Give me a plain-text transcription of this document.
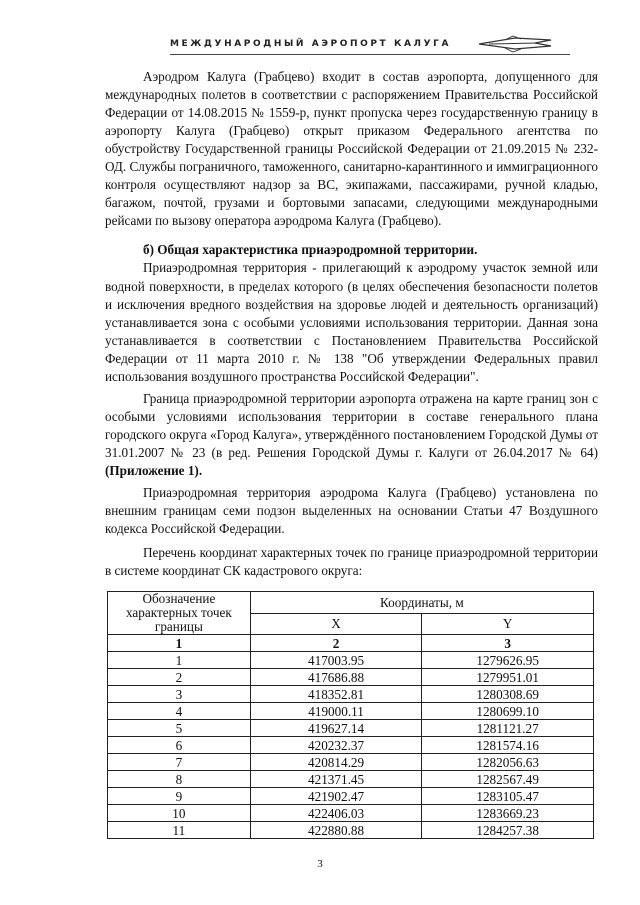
МЕЖДУНАРОДНЫЙ АЭРОПОРТ КАЛУГА

Аэродром Калуга (Грабцево) входит в состав аэропорта, допущенного для международных полетов в соответствии с распоряжением Правительства Российской Федерации от 14.08.2015 № 1559-р, пункт пропуска через государственную границу в аэропорту Калуга (Грабцево) открыт приказом Федерального агентства по обустройству Государственной границы Российской Федерации от 21.09.2015 № 232-ОД. Службы пограничного, таможенного, санитарно-карантинного и иммиграционного контроля осуществляют надзор за ВС, экипажами, пассажирами, ручной кладью, багажом, почтой, грузами и бортовыми запасами, следующими международными рейсами по вызову оператора аэродрома Калуга (Грабцево).

б) Общая характеристика приаэродромной территории.

Приаэродромная территория - прилегающий к аэродрому участок земной или водной поверхности, в пределах которого (в целях обеспечения безопасности полетов и исключения вредного воздействия на здоровье людей и деятельность организаций) устанавливается зона с особыми условиями использования территории. Данная зона устанавливается в соответствии с Постановлением Правительства Российской Федерации от 11 марта 2010 г. № 138 "Об утверждении Федеральных правил использования воздушного пространства Российской Федерации".

Граница приаэродромной территории аэропорта отражена на карте границ зон с особыми условиями использования территории в составе генерального плана городского округа «Город Калуга», утверждённого постановлением Городской Думы от 31.01.2007 № 23 (в ред. Решения Городской Думы г. Калуги от 26.04.2017 № 64) (Приложение 1).

Приаэродромная территория аэродрома Калуга (Грабцево) установлена по внешним границам семи подзон выделенных на основании Статьи 47 Воздушного кодекса Российской Федерации.

Перечень координат характерных точек по границе приаэродромной территории в системе координат СК кадастрового округа:

Обозначение характерных точек границы	Координаты, м	
	X	Y
1	2	3
1	417003.95	1279626.95
2	417686.88	1279951.01
3	418352.81	1280308.69
4	419000.11	1280699.10
5	419627.14	1281121.27
6	420232.37	1281574.16
7	420814.29	1282056.63
8	421371.45	1282567.49
9	421902.47	1283105.47
10	422406.03	1283669.23
11	422880.88	1284257.38
3
